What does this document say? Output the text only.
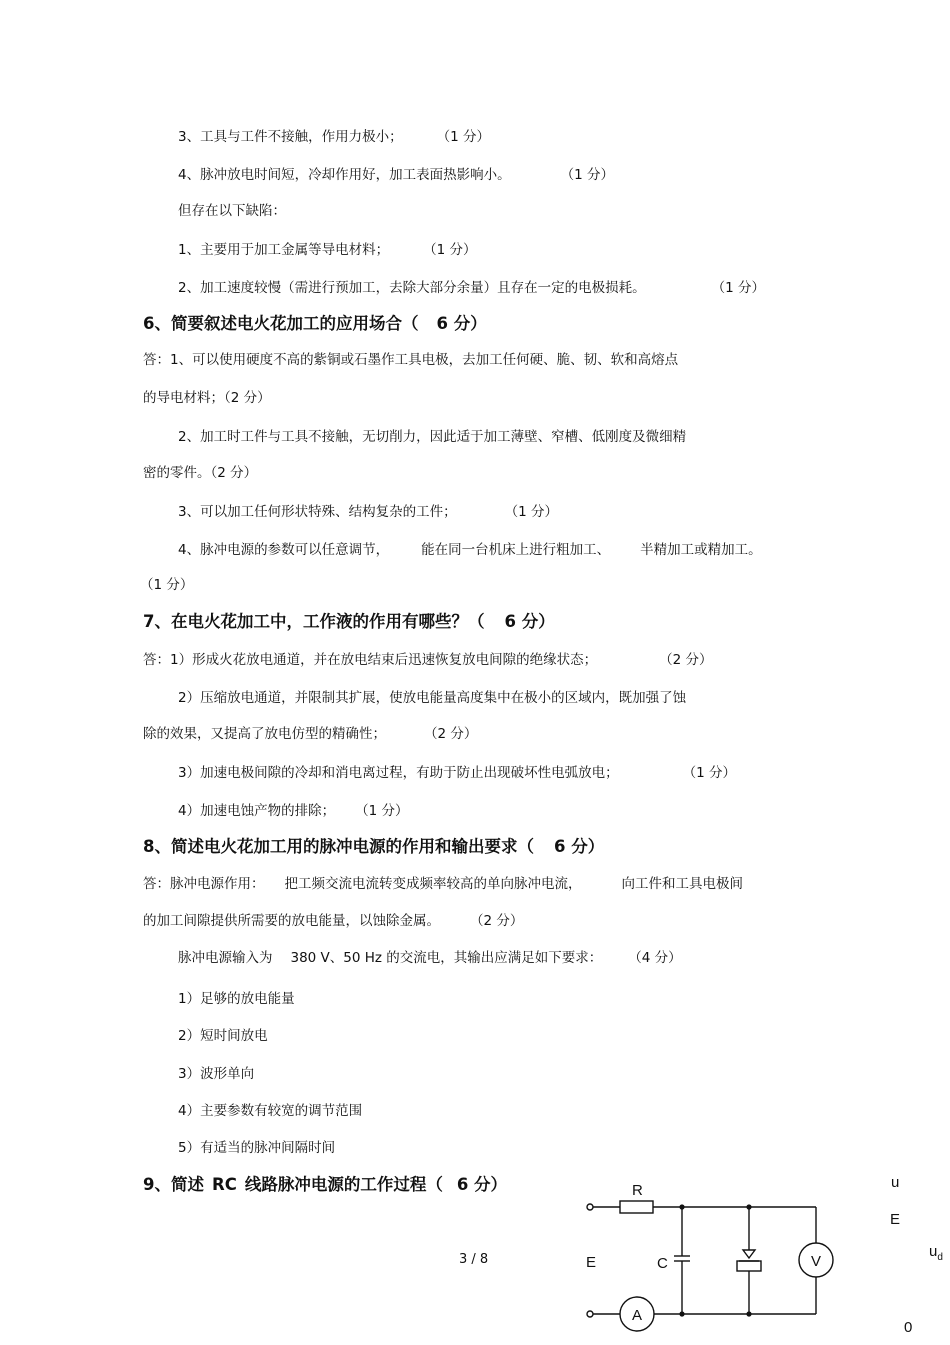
3、工具与工件不接触，作用力极小；	（1 分）
4、脉冲放电时间短，冷却作用好，加工表面热影响小。	（1 分）
但存在以下缺陷：
1、主要用于加工金属等导电材料；	（1 分）
2、加工速度较慢（需进行预加工，去除大部分余量）且存在一定的电极损耗。	（1 分）
6、简要叙述电火花加工的应用场合（ 6 分）
答：1、可以使用硬度不高的紫铜或石墨作工具电极，去加工任何硬、脆、韧、软和高熔点
的导电材料；（2 分）
2、加工时工件与工具不接触，无切削力，因此适于加工薄壁、窄槽、低刚度及微细精
密的零件。（2 分）
3、可以加工任何形状特殊、结构复杂的工件；	（1 分）
4、脉冲电源的参数可以任意调节， 能在同一台机床上进行粗加工、 半精加工或精加工。
（1 分）
7、在电火花加工中，工作液的作用有哪些？（ 6 分）
答：1）形成火花放电通道，并在放电结束后迅速恢复放电间隙的绝缘状态；	（2 分）
2）压缩放电通道，并限制其扩展，使放电能量高度集中在极小的区域内，既加强了蚀
除的效果，又提高了放电仿型的精确性；	（2 分）
3）加速电极间隙的冷却和消电离过程，有助于防止出现破坏性电弧放电；	（1 分）
4）加速电蚀产物的排除； （1 分）
8、简述电火花加工用的脉冲电源的作用和输出要求（ 6 分）
答：脉冲电源作用： 把工频交流电流转变成频率较高的单向脉冲电流，	向工件和工具电极间
的加工间隙提供所需要的放电能量，以蚀除金属。 （2 分）
脉冲电源输入为 380 V、50 Hz 的交流电，其输出应满足如下要求： （4 分）
1）足够的放电能量
2）短时间放电
3）波形单向
4）主要参数有较宽的调节范围
5）有适当的脉冲间隔时间
9、简述 RC 线路脉冲电源的工作过程（ 6 分）
3 / 8
R
E	C	V
A
u
E
$u_d$
0
